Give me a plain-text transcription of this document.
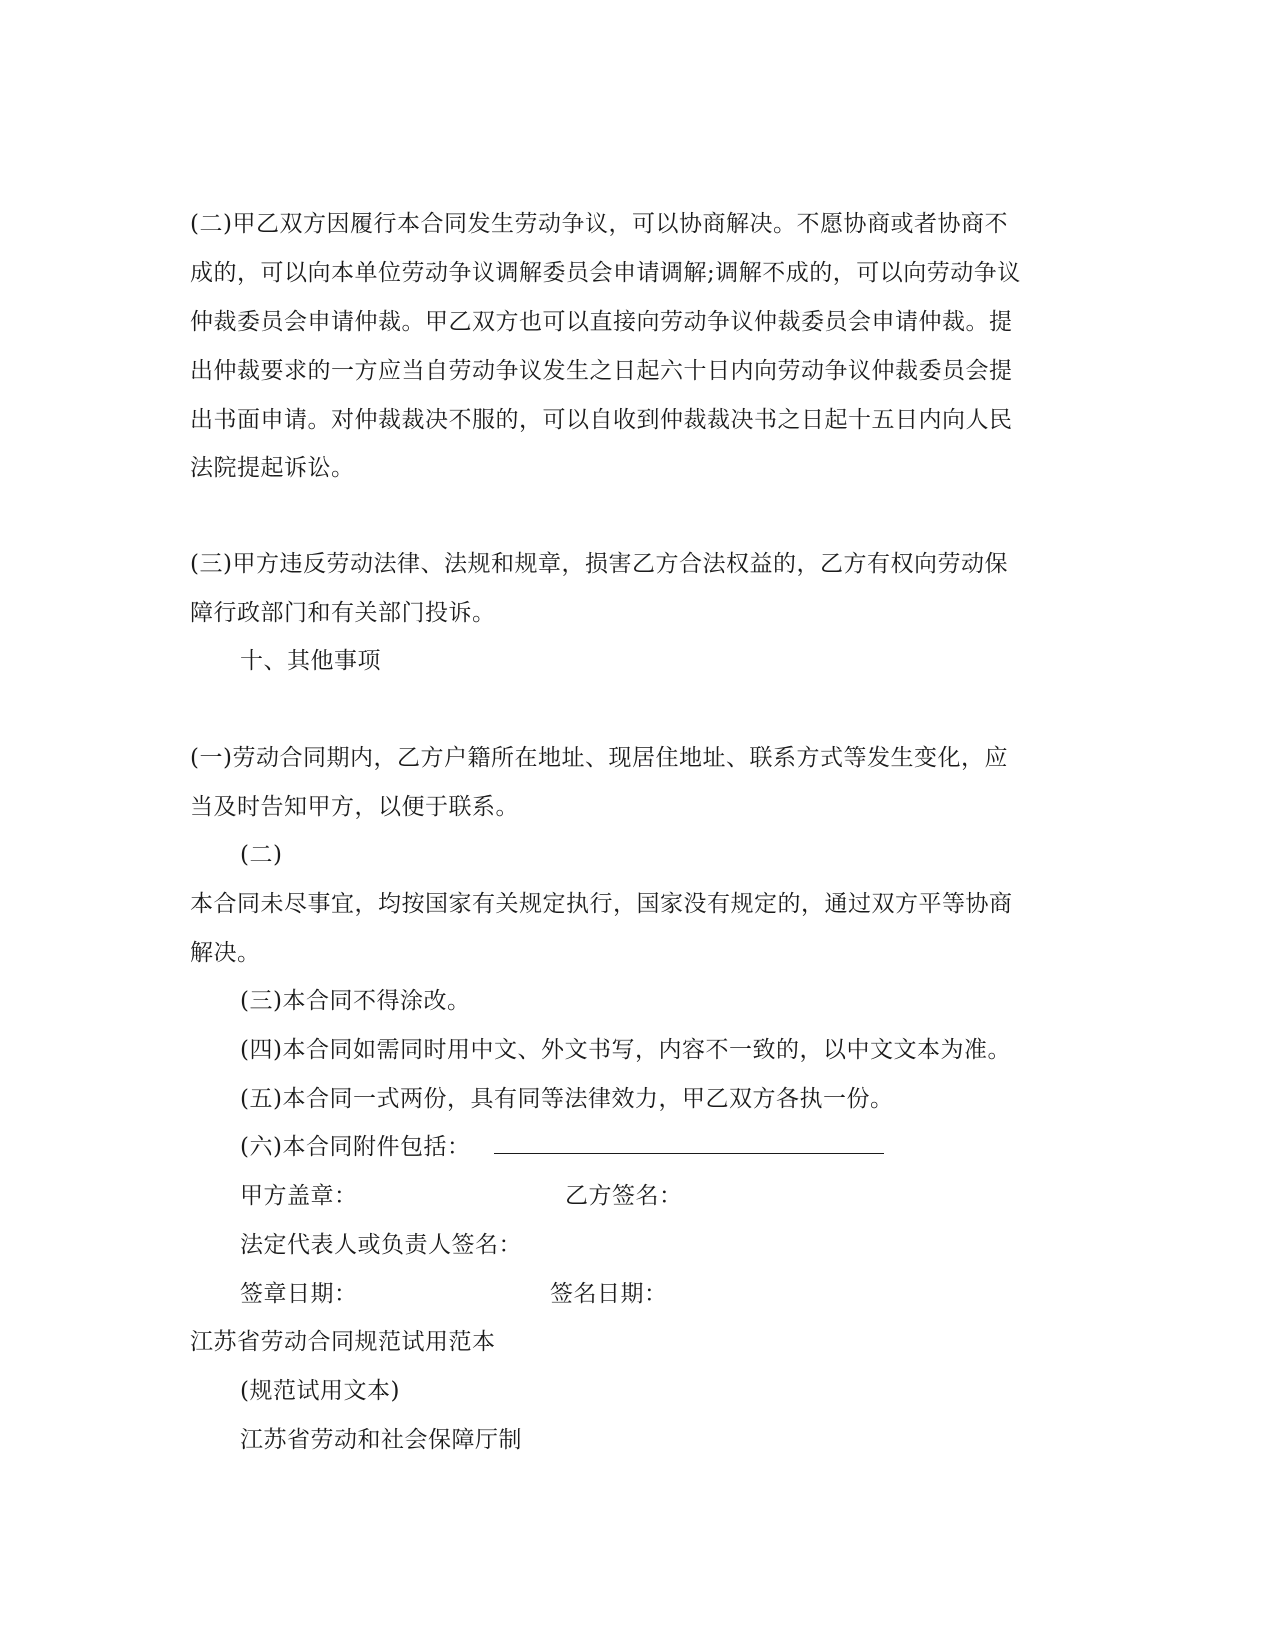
(二)甲乙双方因履行本合同发生劳动争议，可以协商解决。不愿协商或者协商不
成的，可以向本单位劳动争议调解委员会申请调解;调解不成的，可以向劳动争议
仲裁委员会申请仲裁。甲乙双方也可以直接向劳动争议仲裁委员会申请仲裁。提
出仲裁要求的一方应当自劳动争议发生之日起六十日内向劳动争议仲裁委员会提
出书面申请。对仲裁裁决不服的，可以自收到仲裁裁决书之日起十五日内向人民
法院提起诉讼。
(三)甲方违反劳动法律、法规和规章，损害乙方合法权益的，乙方有权向劳动保
障行政部门和有关部门投诉。
十、其他事项
(一)劳动合同期内，乙方户籍所在地址、现居住地址、联系方式等发生变化，应
当及时告知甲方，以便于联系。
(二)
本合同未尽事宜，均按国家有关规定执行，国家没有规定的，通过双方平等协商
解决。
(三)本合同不得涂改。
(四)本合同如需同时用中文、外文书写，内容不一致的，以中文文本为准。
(五)本合同一式两份，具有同等法律效力，甲乙双方各执一份。
(六)本合同附件包括：
甲方盖章：	乙方签名：
法定代表人或负责人签名：
签章日期：	签名日期：
江苏省劳动合同规范试用范本
(规范试用文本)
江苏省劳动和社会保障厅制
